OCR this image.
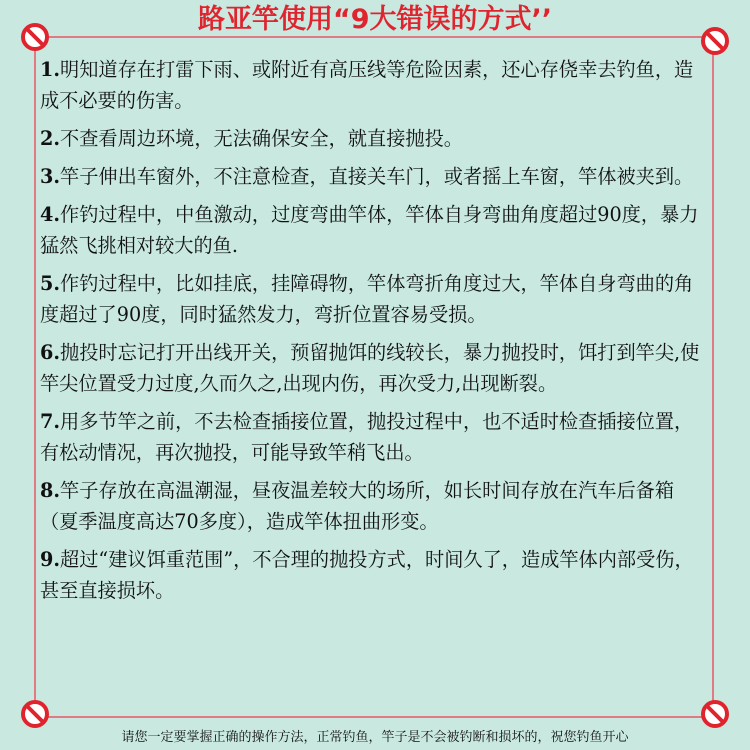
路亚竿使用“9大错误的方式’’
1.明知道存在打雷下雨、或附近有高压线等危险因素，还心存侥幸去钓鱼，造成不必要的伤害。
2.不查看周边环境，无法确保安全，就直接抛投。
3.竿子伸出车窗外，不注意检查，直接关车门，或者摇上车窗，竿体被夹到。
4.作钓过程中，中鱼激动，过度弯曲竿体，竿体自身弯曲角度超过90度，暴力猛然飞挑相对较大的鱼.
5.作钓过程中，比如挂底，挂障碍物，竿体弯折角度过大，竿体自身弯曲的角度超过了90度，同时猛然发力，弯折位置容易受损。
6.抛投时忘记打开出线开关，预留抛饵的线较长，暴力抛投时，饵打到竿尖,使竿尖位置受力过度,久而久之,出现内伤，再次受力,出现断裂。
7.用多节竿之前，不去检查插接位置，抛投过程中，也不适时检查插接位置，有松动情况，再次抛投，可能导致竿稍飞出。
8.竿子存放在高温潮湿，昼夜温差较大的场所，如长时间存放在汽车后备箱（夏季温度高达70多度），造成竿体扭曲形变。
9.超过“建议饵重范围”，不合理的抛投方式，时间久了，造成竿体内部受伤，甚至直接损坏。
请您一定要掌握正确的操作方法，正常钓鱼，竿子是不会被钓断和损坏的，祝您钓鱼开心
